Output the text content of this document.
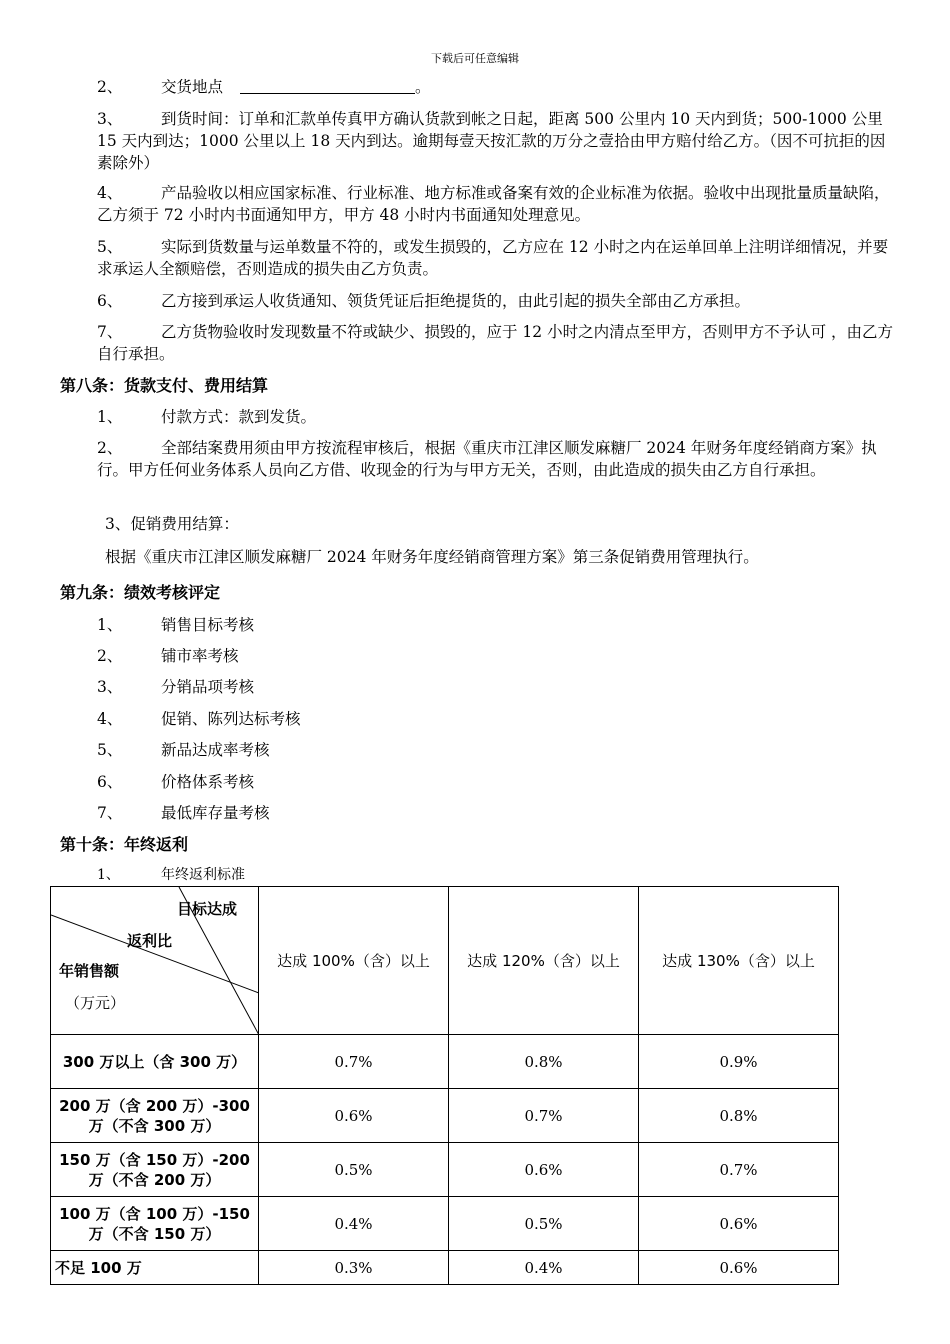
下载后可任意编辑
2、 交货地点	。
3、 到货时间：订单和汇款单传真甲方确认货款到帐之日起，距离 500 公里内 10 天内到货；500-1000 公里 15 天内到达；1000 公里以上 18 天内到达。逾期每壹天按汇款的万分之壹拾由甲方赔付给乙方。（因不可抗拒的因素除外）
4、 产品验收以相应国家标准、行业标准、地方标准或备案有效的企业标准为依据。验收中出现批量质量缺陷，乙方须于 72 小时内书面通知甲方，甲方 48 小时内书面通知处理意见。
5、 实际到货数量与运单数量不符的，或发生损毁的，乙方应在 12 小时之内在运单回单上注明详细情况，并要求承运人全额赔偿，否则造成的损失由乙方负责。
6、 乙方接到承运人收货通知、领货凭证后拒绝提货的，由此引起的损失全部由乙方承担。
7、 乙方货物验收时发现数量不符或缺少、损毁的，应于 12 小时之内清点至甲方，否则甲方不予认可 ，由乙方自行承担。
第八条：货款支付、费用结算
1、 付款方式：款到发货。
2、 全部结案费用须由甲方按流程审核后，根据《重庆市江津区顺发麻糖厂 2024 年财务年度经销商方案》执行。甲方任何业务体系人员向乙方借、收现金的行为与甲方无关，否则，由此造成的损失由乙方自行承担。
3、促销费用结算：
根据《重庆市江津区顺发麻糖厂 2024 年财务年度经销商管理方案》第三条促销费用管理执行。
第九条：绩效考核评定
1、 销售目标考核
2、 铺市率考核
3、 分销品项考核
4、 促销、陈列达标考核
5、 新品达成率考核
6、 价格体系考核
7、 最低库存量考核
第十条：年终返利
1、	年终返利标准
目标达成
返利比
年销售额
（万元）	达成 100%（含）以上	达成 120%（含）以上	达成 130%（含）以上
300 万以上（含 300 万）	0.7%	0.8%	0.9%
200 万（含 200 万）-300 万（不含 300 万）	0.6%	0.7%	0.8%
150 万（含 150 万）-200 万（不含 200 万）	0.5%	0.6%	0.7%
100 万（含 100 万）-150 万（不含 150 万）	0.4%	0.5%	0.6%
不足 100 万	0.3%	0.4%	0.6%
